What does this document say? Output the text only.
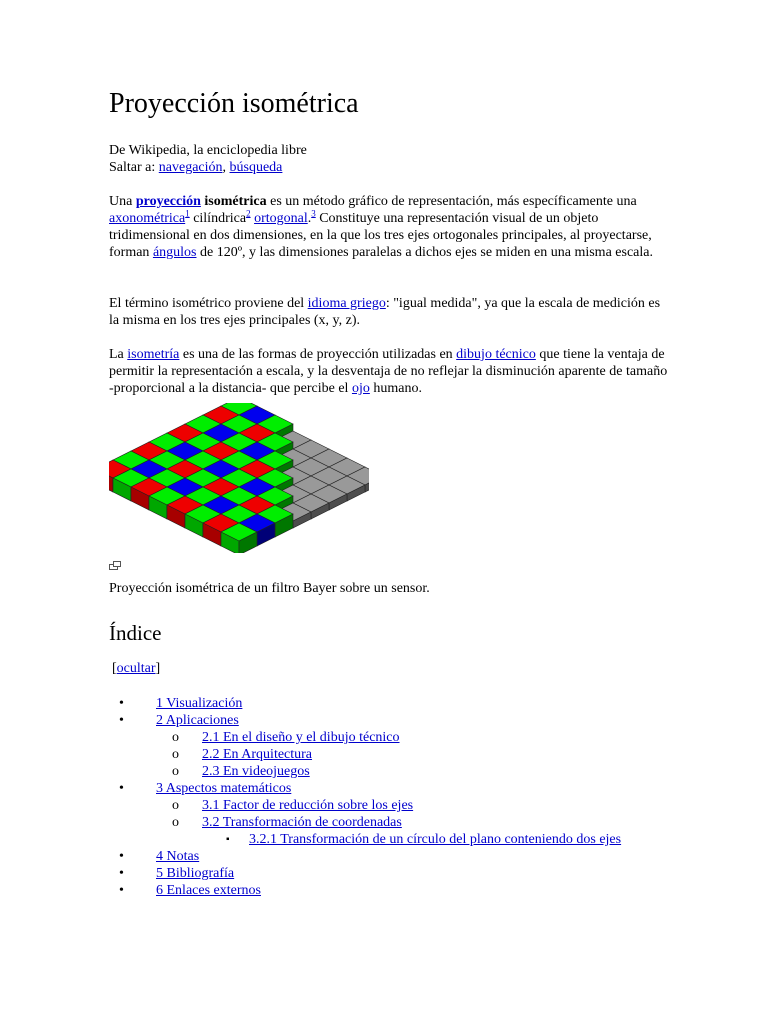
Proyección isométrica
De Wikipedia, la enciclopedia libre
Saltar a: navegación, búsqueda

Una proyección isométrica es un método gráfico de representación, más específicamente una axonométrica$^1$ cilíndrica$^2$ ortogonal.$^3$ Constituye una representación visual de un objeto tridimensional en dos dimensiones, en la que los tres ejes ortogonales principales, al proyectarse, forman ángulos de 120º, y las dimensiones paralelas a dichos ejes se miden en una misma escala.

El término isométrico proviene del idioma griego: "igual medida", ya que la escala de medición es la misma en los tres ejes principales (x, y, z).

La isometría es una de las formas de proyección utilizadas en dibujo técnico que tiene la ventaja de permitir la representación a escala, y la desventaja de no reflejar la disminución aparente de tamaño -proporcional a la distancia- que percibe el ojo humano.

Proyección isométrica de un filtro Bayer sobre un sensor.

Índice
[ocultar]
• 1 Visualización
• 2 Aplicaciones
o 2.1 En el diseño y el dibujo técnico
o 2.2 En Arquitectura
o 2.3 En videojuegos
• 3 Aspectos matemáticos
o 3.1 Factor de reducción sobre los ejes
o 3.2 Transformación de coordenadas
▪ 3.2.1 Transformación de un círculo del plano conteniendo dos ejes
• 4 Notas
• 5 Bibliografía
• 6 Enlaces externos
